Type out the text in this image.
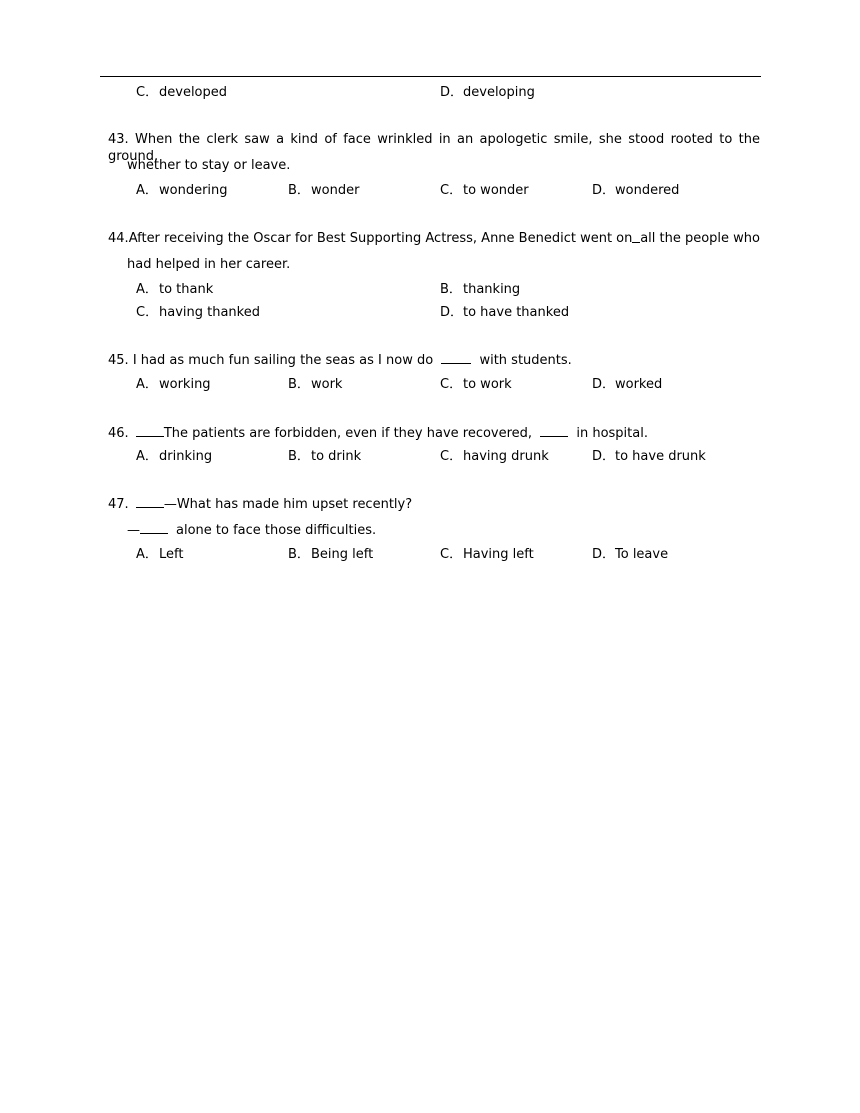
C．developed	D．developing
43. When the clerk saw a kind of face wrinkled in an apologetic smile, she stood rooted to the ground,
whether to stay or leave.
A．wondering	B．wonder	C．to wonder	D．wondered
44. After receiving the Oscar for Best Supporting Actress, Anne Benedict went on all the people who
had helped in her career.
A．to thank	B．thanking
C．having thanked	D．to have thanked
45. I had as much fun sailing the seas as I now do	with students.
A．working	B．work	C．to work	D．worked
46.	The patients are forbidden, even if they have recovered,	in hospital.
A．drinking	B．to drink	C．having drunk	D．to have drunk
47.	—What has made him upset recently?
—	alone to face those difficulties.
A．Left	B．Being left	C．Having left	D．To leave
